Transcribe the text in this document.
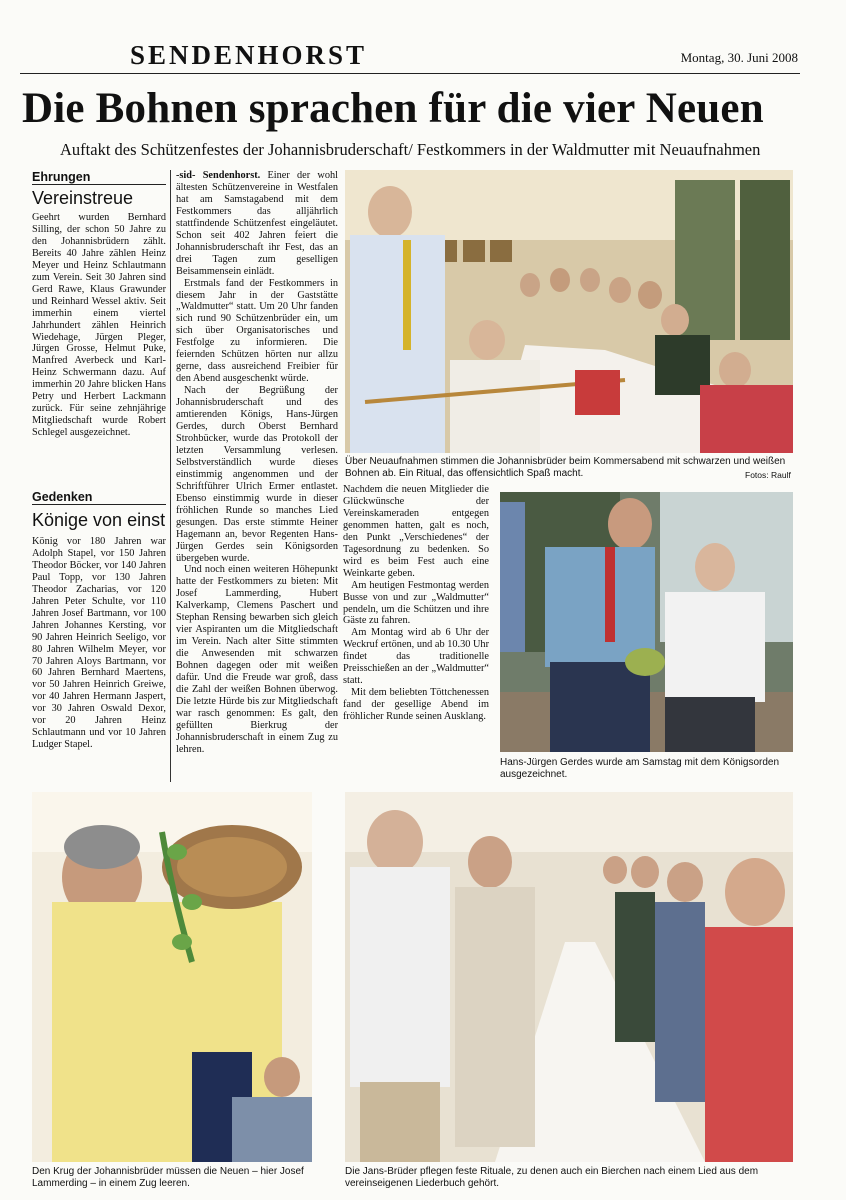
SENDENHORST	Montag, 30. Juni 2008
Die Bohnen sprachen für die vier Neuen
Auftakt des Schützenfestes der Johannisbruderschaft/ Festkommers in der Waldmutter mit Neuaufnahmen
Ehrungen
Vereinstreue

Geehrt wurden Bernhard Silling, der schon 50 Jahre zu den Johannisbrüdern zählt. Bereits 40 Jahre zählen Heinz Meyer und Heinz Schlautmann zum Verein. Seit 30 Jahren sind Gerd Rawe, Klaus Grawunder und Reinhard Wessel aktiv. Seit immerhin einem viertel Jahrhundert zählen Heinrich Wiedehage, Jürgen Pleger, Jürgen Grosse, Helmut Puke, Manfred Averbeck und Karl-Heinz Schwermann dazu. Auf immerhin 20 Jahre blicken Hans Petry und Herbert Lackmann zurück. Für seine zehnjährige Mitgliedschaft wurde Robert Schlegel ausgezeichnet.

Gedenken
Könige von einst

König vor 180 Jahren war Adolph Stapel, vor 150 Jahren Theodor Böcker, vor 140 Jahren Paul Topp, vor 130 Jahren Theodor Zacharias, vor 120 Jahren Peter Schulte, vor 110 Jahren Josef Bartmann, vor 100 Jahren Johannes Kersting, vor 90 Jahren Heinrich Seeligo, vor 80 Jahren Wilhelm Meyer, vor 70 Jahren Aloys Bartmann, vor 60 Jahren Bernhard Maertens, vor 50 Jahren Heinrich Greiwe, vor 40 Jahren Hermann Jaspert, vor 30 Jahren Oswald Dexor, vor 20 Jahren Heinz Schlautmann und vor 10 Jahren Ludger Stapel.

-sid- Sendenhorst. Einer der wohl ältesten Schützenvereine in Westfalen hat am Samstagabend mit dem Festkommers das alljährlich stattfindende Schützenfest eingeläutet. Schon seit 402 Jahren feiert die Johannisbruderschaft ihr Fest, das an drei Tagen zum geselligen Beisammensein einlädt.

Erstmals fand der Festkommers in diesem Jahr in der Gaststätte „Waldmutter“ statt. Um 20 Uhr fanden sich rund 90 Schützenbrüder ein, um sich über Organisatorisches und Festfolge zu informieren. Die feiernden Schützen hörten nur allzu gerne, dass ausreichend Freibier für den Abend ausgeschenkt würde.

Nach der Begrüßung der Johannisbruderschaft und des amtierenden Königs, Hans-Jürgen Gerdes, durch Oberst Bernhard Strohbücker, wurde das Protokoll der letzten Versammlung verlesen. Selbstverständlich wurde dieses einstimmig angenommen und der Schriftführer Ulrich Ermer entlastet. Ebenso einstimmig wurde in dieser fröhlichen Runde so manches Lied gesungen. Das erste stimmte Heiner Hagemann an, bevor Regenten Hans-Jürgen Gerdes sein Königsorden übergeben wurde.

Und noch einen weiteren Höhepunkt hatte der Festkommers zu bieten: Mit Josef Lammerding, Hubert Kalverkamp, Clemens Paschert und Stephan Rensing bewarben sich gleich vier Aspiranten um die Mitgliedschaft im Verein. Nach alter Sitte stimmten die Anwesenden mit schwarzen Bohnen dagegen oder mit weißen dafür. Und die Freude war groß, dass die Zahl der weißen Bohnen überwog. Die letzte Hürde bis zur Mitgliedschaft war rasch genommen: Es galt, den gefüllten Bierkrug der Johannisbruderschaft in einem Zug zu lehren.

Nachdem die neuen Mitglieder die Glückwünsche der Vereinskameraden entgegen genommen hatten, galt es noch, den Punkt „Verschiedenes“ der Tagesordnung zu bedenken. So wird es beim Fest auch eine Weinkarte geben.

Am heutigen Festmontag werden Busse von und zur „Waldmutter“ pendeln, um die Schützen und ihre Gäste zu fahren.

Am Montag wird ab 6 Uhr der Weckruf ertönen, und ab 10.30 Uhr findet das traditionelle Preisschießen an der „Waldmutter“ statt.

Mit dem beliebten Töttchenessen fand der gesellige Abend im fröhlicher Runde seinen Ausklang.

Über Neuaufnahmen stimmen die Johannisbrüder beim Kommersabend mit schwarzen und weißen Bohnen ab. Ein Ritual, das offensichtlich Spaß macht.	Fotos: Raulf
Hans-Jürgen Gerdes wurde am Samstag mit dem Königsorden ausgezeichnet.
Den Krug der Johannisbrüder müssen die Neuen – hier Josef Lammerding – in einem Zug leeren.
Die Jans-Brüder pflegen feste Rituale, zu denen auch ein Bierchen nach einem Lied aus dem vereinseigenen Liederbuch gehört.
